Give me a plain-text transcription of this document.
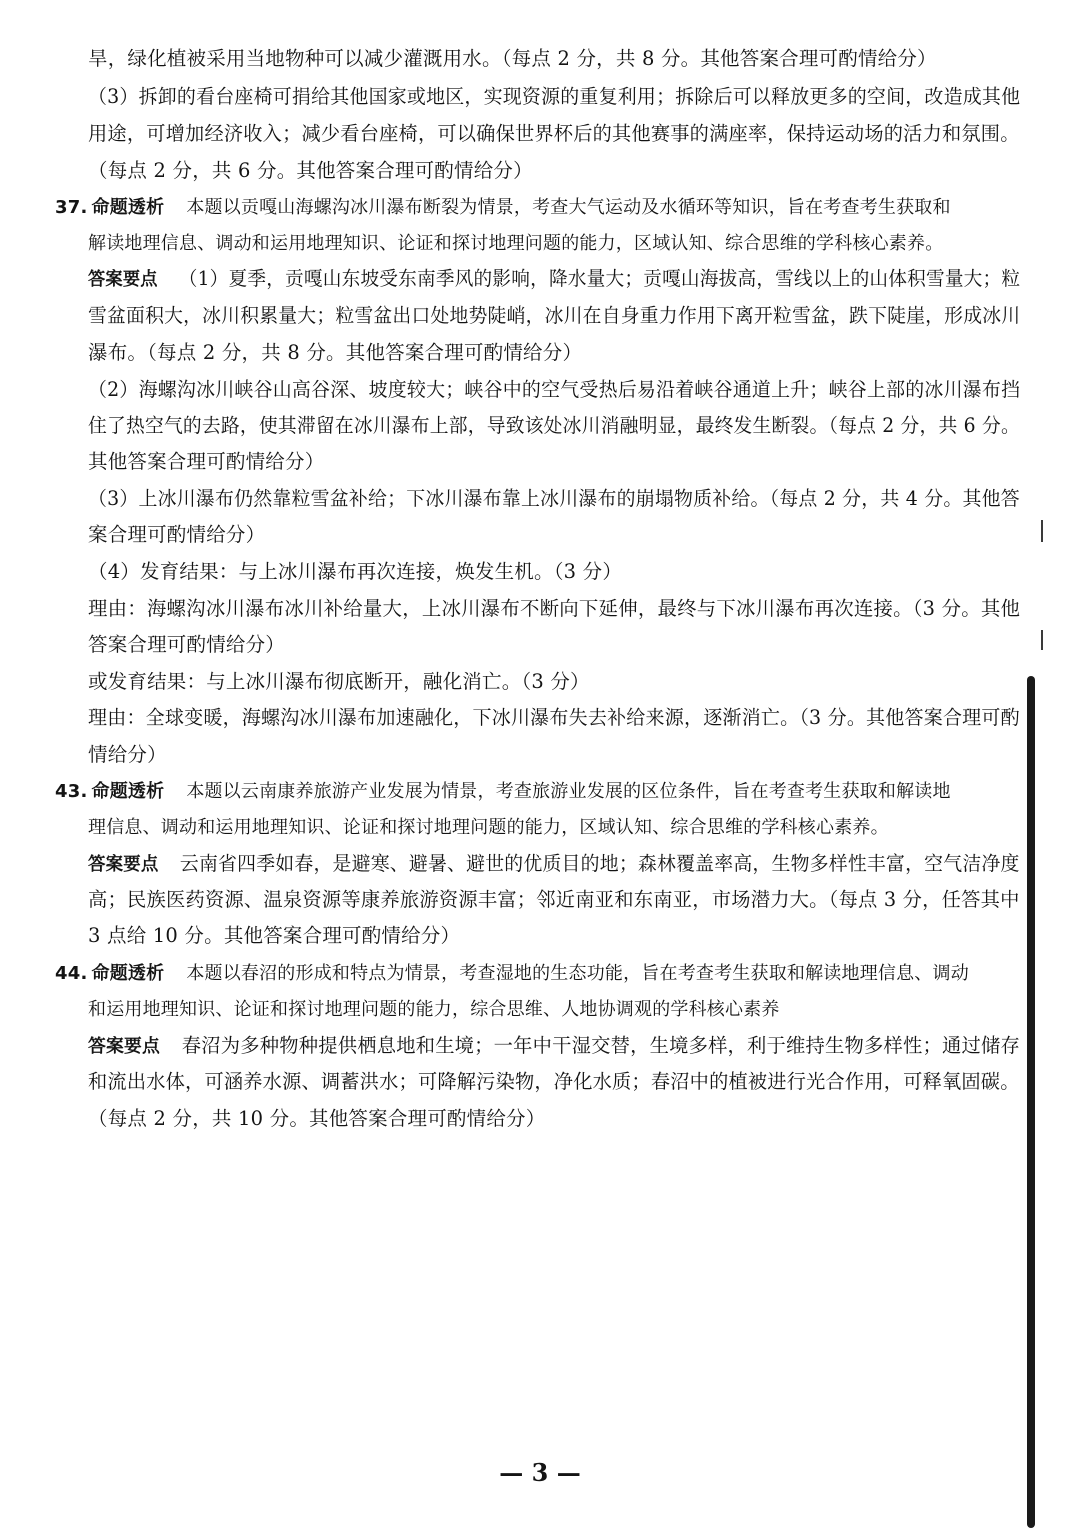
旱，绿化植被采用当地物种可以减少灌溉用水。（每点 2 分，共 8 分。其他答案合理可酌情给分）
（3）拆卸的看台座椅可捐给其他国家或地区，实现资源的重复利用；拆除后可以释放更多的空间，改造成其他
用途，可增加经济收入；减少看台座椅，可以确保世界杯后的其他赛事的满座率，保持运动场的活力和氛围。
（每点 2 分，共 6 分。其他答案合理可酌情给分）
37. 命题透析 本题以贡嘎山海螺沟冰川瀑布断裂为情景，考查大气运动及水循环等知识，旨在考查考生获取和
解读地理信息、调动和运用地理知识、论证和探讨地理问题的能力，区域认知、综合思维的学科核心素养。
答案要点 （1）夏季，贡嘎山东坡受东南季风的影响，降水量大；贡嘎山海拔高，雪线以上的山体积雪量大；粒
雪盆面积大，冰川积累量大；粒雪盆出口处地势陡峭，冰川在自身重力作用下离开粒雪盆，跌下陡崖，形成冰川
瀑布。（每点 2 分，共 8 分。其他答案合理可酌情给分）
（2）海螺沟冰川峡谷山高谷深、坡度较大；峡谷中的空气受热后易沿着峡谷通道上升；峡谷上部的冰川瀑布挡
住了热空气的去路，使其滞留在冰川瀑布上部，导致该处冰川消融明显，最终发生断裂。（每点 2 分，共 6 分。
其他答案合理可酌情给分）
（3）上冰川瀑布仍然靠粒雪盆补给；下冰川瀑布靠上冰川瀑布的崩塌物质补给。（每点 2 分，共 4 分。其他答
案合理可酌情给分）
（4）发育结果：与上冰川瀑布再次连接，焕发生机。（3 分）
理由：海螺沟冰川瀑布冰川补给量大，上冰川瀑布不断向下延伸，最终与下冰川瀑布再次连接。（3 分。其他
答案合理可酌情给分）
或发育结果：与上冰川瀑布彻底断开，融化消亡。（3 分）
理由：全球变暖，海螺沟冰川瀑布加速融化，下冰川瀑布失去补给来源，逐渐消亡。（3 分。其他答案合理可酌
情给分）
43. 命题透析 本题以云南康养旅游产业发展为情景，考查旅游业发展的区位条件，旨在考查考生获取和解读地
理信息、调动和运用地理知识、论证和探讨地理问题的能力，区域认知、综合思维的学科核心素养。
答案要点 云南省四季如春，是避寒、避暑、避世的优质目的地；森林覆盖率高，生物多样性丰富，空气洁净度
高；民族医药资源、温泉资源等康养旅游资源丰富；邻近南亚和东南亚，市场潜力大。（每点 3 分，任答其中
3 点给 10 分。其他答案合理可酌情给分）
44. 命题透析 本题以春沼的形成和特点为情景，考查湿地的生态功能，旨在考查考生获取和解读地理信息、调动
和运用地理知识、论证和探讨地理问题的能力，综合思维、人地协调观的学科核心素养
答案要点 春沼为多种物种提供栖息地和生境；一年中干湿交替，生境多样，利于维持生物多样性；通过储存
和流出水体，可涵养水源、调蓄洪水；可降解污染物，净化水质；春沼中的植被进行光合作用，可释氧固碳。
（每点 2 分，共 10 分。其他答案合理可酌情给分）
— 3 —
